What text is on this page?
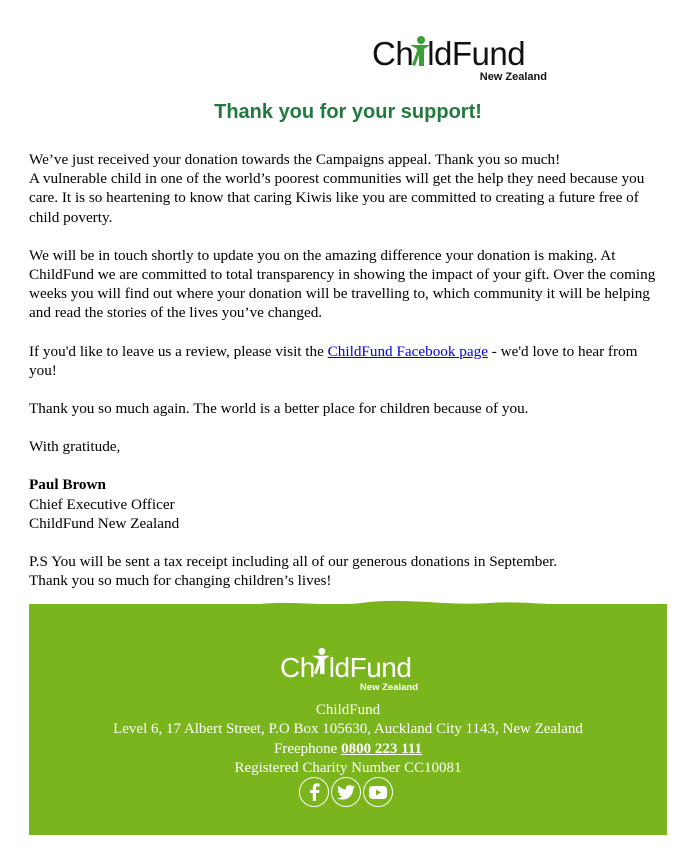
Ch ldFund
New Zealand
Thank you for your support!

We’ve just received your donation towards the Campaigns appeal. Thank you so much!
A vulnerable child in one of the world’s poorest communities will get the help they need because you care. It is so heartening to know that caring Kiwis like you are committed to creating a future free of child poverty.

We will be in touch shortly to update you on the amazing difference your donation is making. At ChildFund we are committed to total transparency in showing the impact of your gift. Over the coming weeks you will find out where your donation will be travelling to, which community it will be helping and read the stories of the lives you’ve changed.

If you'd like to leave us a review, please visit the ChildFund Facebook page - we'd love to hear from you!

Thank you so much again. The world is a better place for children because of you.

With gratitude,

Paul Brown
Chief Executive Officer
ChildFund New Zealand

P.S You will be sent a tax receipt including all of our generous donations in September.
Thank you so much for changing children’s lives!

Ch ldFund
New Zealand
ChildFund
Level 6, 17 Albert Street, P.O Box 105630, Auckland City 1143, New Zealand
Freephone 0800 223 111
Registered Charity Number CC10081
